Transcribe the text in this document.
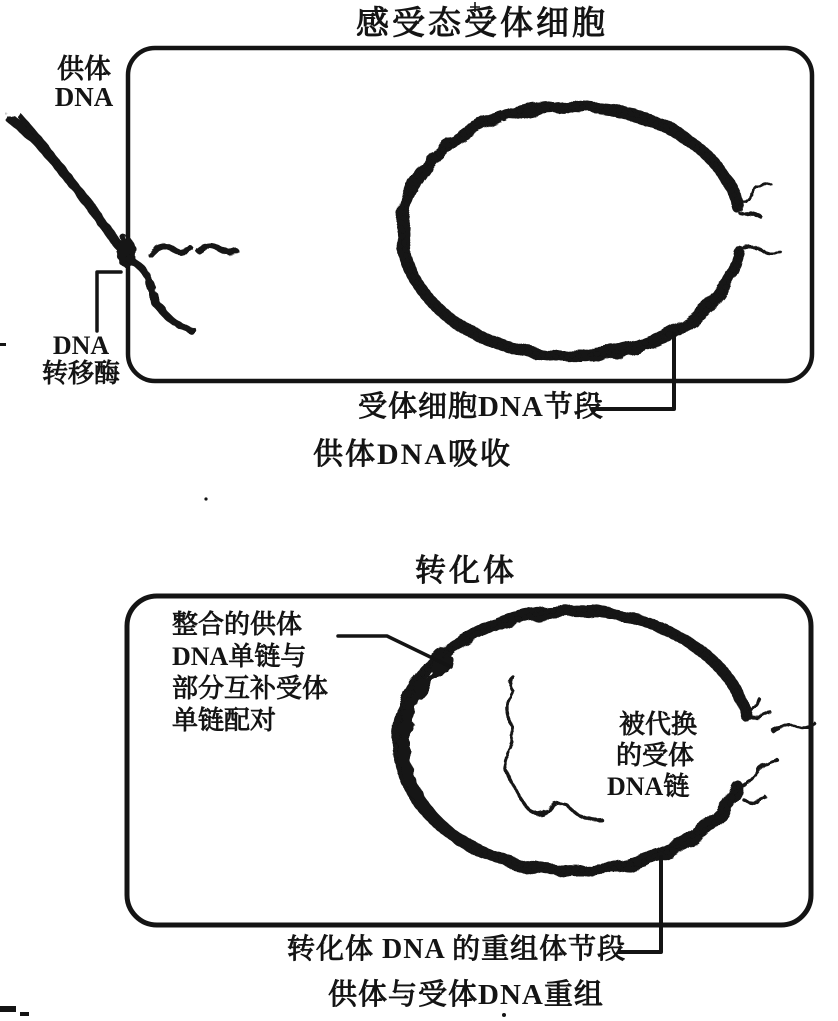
感受态受体细胞
供体
DNA
DNA
转移酶
受体细胞DNA节段
供体DNA吸收
转化体
整合的供体
DNA单链与
部分互补受体
单链配对	被代换
的受体
DNA链
转化体 DNA 的重组体节段
供体与受体DNA重组
